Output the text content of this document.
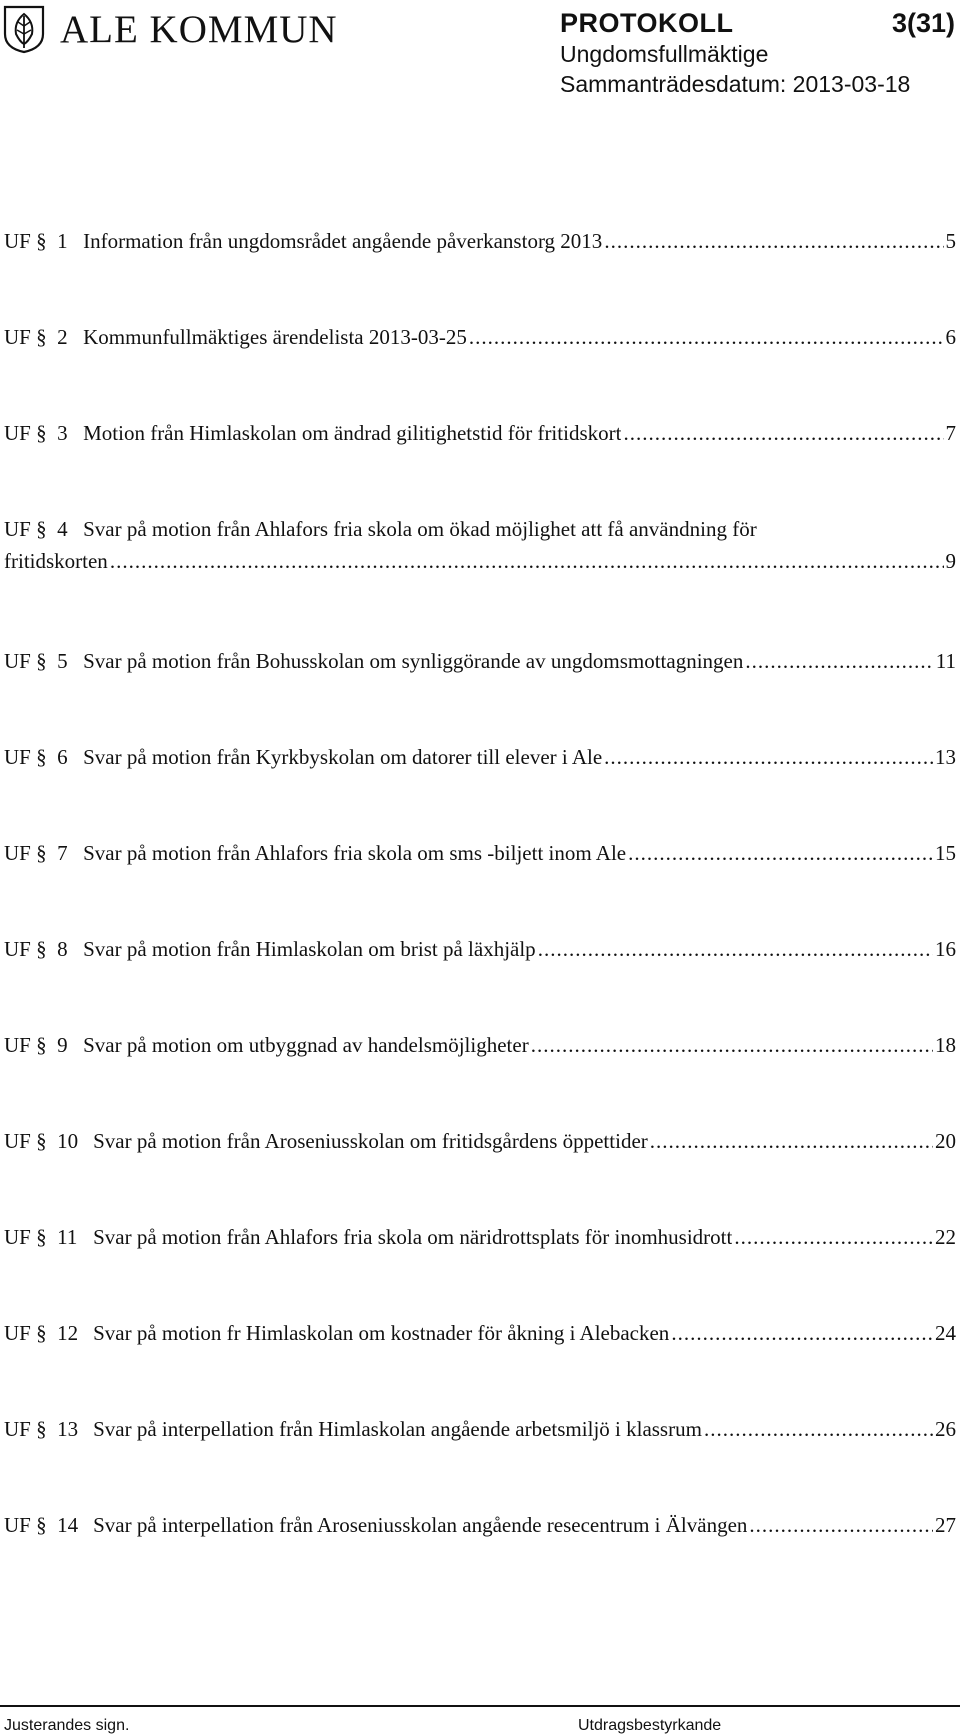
ALE KOMMUN	PROTOKOLL	3(31)
Ungdomsfullmäktige
Sammanträdesdatum: 2013-03-18
UF
§
1 Information från ungdomsrådet angående påverkanstorg 2013 .....	5
UF
§
2 Kommunfullmäktiges ärendelista 2013-03-25 .....	6
UF
§
3 Motion från Himlaskolan om ändrad gilitighetstid för fritidskort .....	7
UF
§
4 Svar på motion från Ahlafors fria skola om ökad möjlighet att få användning för
fritidskorten .....	9
UF
§
5 Svar på motion från Bohusskolan om synliggörande av ungdomsmottagningen .....	11
UF
§
6 Svar på motion från Kyrkbyskolan om datorer till elever i Ale .....	13
UF
§
7 Svar på motion från Ahlafors fria skola om sms -biljett inom Ale .....	15
UF
§
8 Svar på motion från Himlaskolan om brist på läxhjälp .....	16
UF
§
9 Svar på motion om utbyggnad av handelsmöjligheter .....	18
UF
§
10 Svar på motion från Aroseniusskolan om fritidsgårdens öppettider .....	20
UF
§
11 Svar på motion från Ahlafors fria skola om näridrottsplats för inomhusidrott .....	22
UF
§
12 Svar på motion fr Himlaskolan om kostnader för åkning i Alebacken .....	24
UF
§
13 Svar på interpellation från Himlaskolan angående arbetsmiljö i klassrum .....	26
UF
§
14 Svar på interpellation från Aroseniusskolan angående resecentrum i Älvängen .....	27
Justerandes sign.	Utdragsbestyrkande
